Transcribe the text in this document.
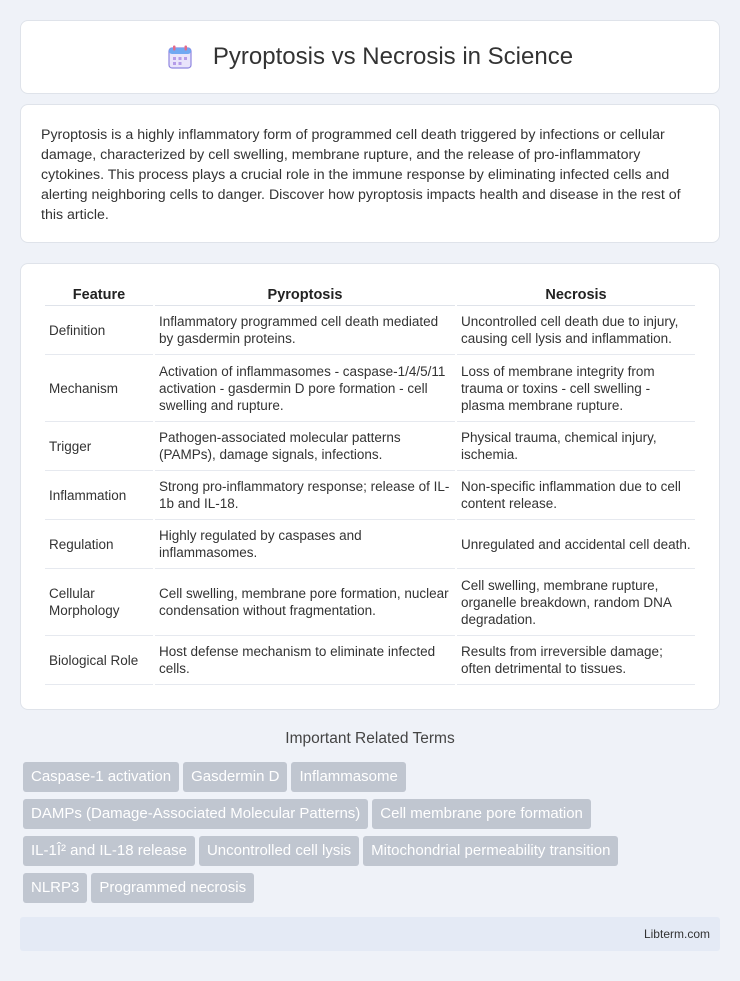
Pyroptosis vs Necrosis in Science

Pyroptosis is a highly inflammatory form of programmed cell death triggered by infections or cellular damage, characterized by cell swelling, membrane rupture, and the release of pro-inflammatory cytokines. This process plays a crucial role in the immune response by eliminating infected cells and alerting neighboring cells to danger. Discover how pyroptosis impacts health and disease in the rest of this article.

Feature	Pyroptosis	Necrosis
Definition	Inflammatory programmed cell death mediated by gasdermin proteins.	Uncontrolled cell death due to injury, causing cell lysis and inflammation.
Mechanism	Activation of inflammasomes - caspase-1/4/5/11 activation - gasdermin D pore formation - cell swelling and rupture.	Loss of membrane integrity from trauma or toxins - cell swelling - plasma membrane rupture.
Trigger	Pathogen-associated molecular patterns (PAMPs), damage signals, infections.	Physical trauma, chemical injury, ischemia.
Inflammation	Strong pro-inflammatory response; release of IL-1b and IL-18.	Non-specific inflammation due to cell content release.
Regulation	Highly regulated by caspases and inflammasomes.	Unregulated and accidental cell death.
Cellular Morphology	Cell swelling, membrane pore formation, nuclear condensation without fragmentation.	Cell swelling, membrane rupture, organelle breakdown, random DNA degradation.
Biological Role	Host defense mechanism to eliminate infected cells.	Results from irreversible damage; often detrimental to tissues.
Important Related Terms
Caspase-1 activation Gasdermin D Inflammasome
DAMPs (Damage-Associated Molecular Patterns) Cell membrane pore formation
IL-1Î² and IL-18 release Uncontrolled cell lysis Mitochondrial permeability transition
NLRP3 Programmed necrosis
Libterm.com
